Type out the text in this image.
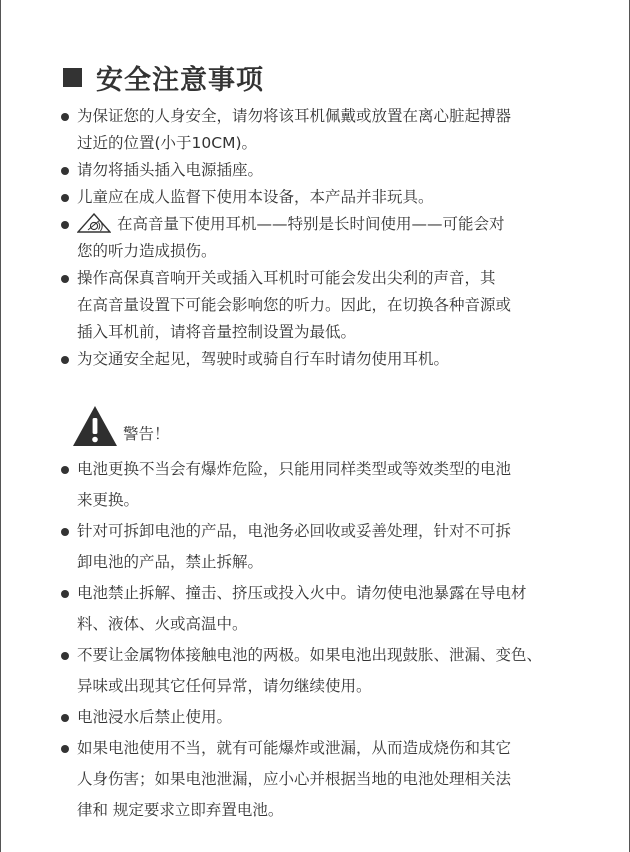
安全注意事项
为保证您的人身安全，请勿将该耳机佩戴或放置在离心脏起搏器
过近的位置(小于10CM)。
请勿将插头插入电源插座。
儿童应在成人监督下使用本设备，本产品并非玩具。
在高音量下使用耳机——特别是长时间使用——可能会对
您的听力造成损伤。
操作高保真音响开关或插入耳机时可能会发出尖利的声音，其
在高音量设置下可能会影响您的听力。因此，在切换各种音源或
插入耳机前，请将音量控制设置为最低。
为交通安全起见，驾驶时或骑自行车时请勿使用耳机。
警告！
电池更换不当会有爆炸危险，只能用同样类型或等效类型的电池
来更换。
针对可拆卸电池的产品，电池务必回收或妥善处理，针对不可拆
卸电池的产品，禁止拆解。
电池禁止拆解、撞击、挤压或投入火中。请勿使电池暴露在导电材
料、液体、火或高温中。
不要让金属物体接触电池的两极。如果电池出现鼓胀、泄漏、变色、
异味或出现其它任何异常，请勿继续使用。
电池浸水后禁止使用。
如果电池使用不当，就有可能爆炸或泄漏，从而造成烧伤和其它
人身伤害；如果电池泄漏，应小心并根据当地的电池处理相关法
律和 规定要求立即弃置电池。
